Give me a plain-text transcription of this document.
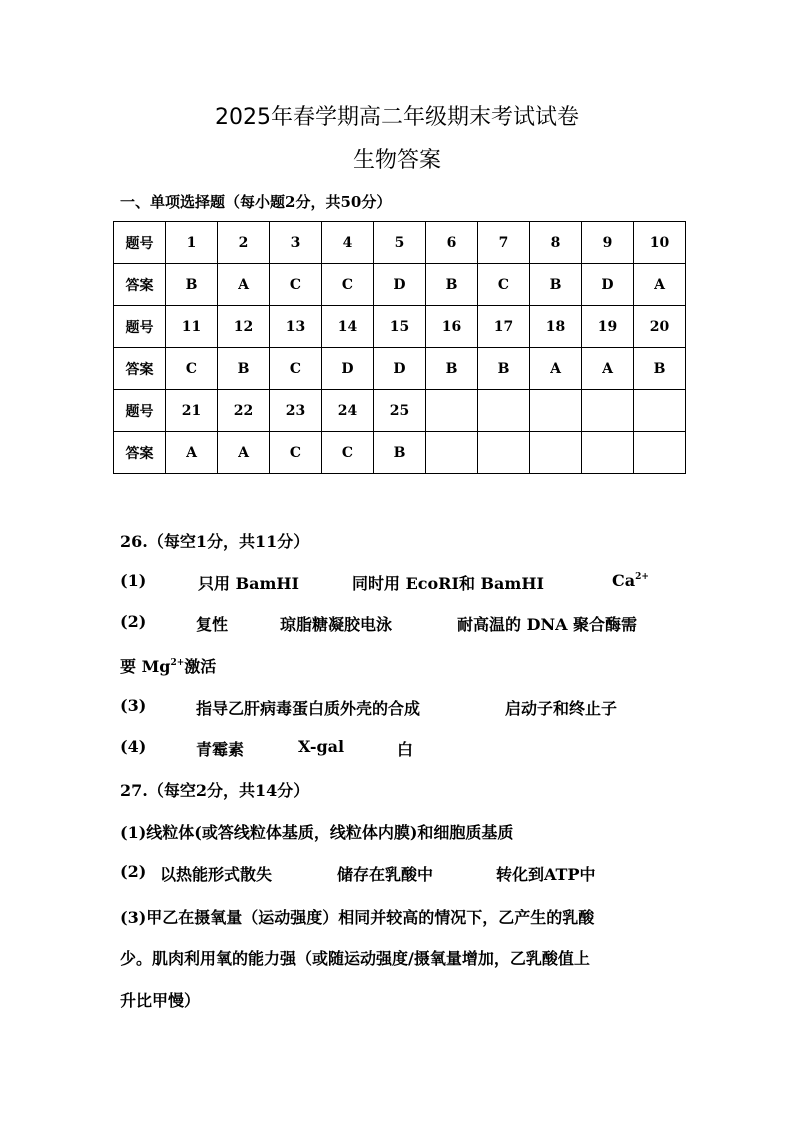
2025年春学期高二年级期末考试试卷
生物答案
一、单项选择题（每小题2分，共50分）
题号	1	2	3	4	5	6	7	8	9	10
答案	B	A	C	C	D	B	C	B	D	A
题号	11	12	13	14	15	16	17	18	19	20
答案	C	B	C	D	D	B	B	A	A	B
题号	21	22	23	24	25					
答案	A	A	C	C	B					
26.（每空1分，共11分）
(1)	只用 BamHI	同时用 EcoRI和 BamHI	$Ca^{2+}$
(2)	复性	琼脂糖凝胶电泳	耐高温的 DNA 聚合酶需
要 $Mg^{2+}$激活
(3)	指导乙肝病毒蛋白质外壳的合成	启动子和终止子
(4)	青霉素	X-gal	白
27.（每空2分，共14分）
(1)线粒体(或答线粒体基质，线粒体内膜)和细胞质基质
(2) 以热能形式散失	储存在乳酸中	转化到ATP中
(3)甲乙在摄氧量（运动强度）相同并较高的情况下，乙产生的乳酸
少。肌肉利用氧的能力强（或随运动强度/摄氧量增加，乙乳酸值上
升比甲慢）
